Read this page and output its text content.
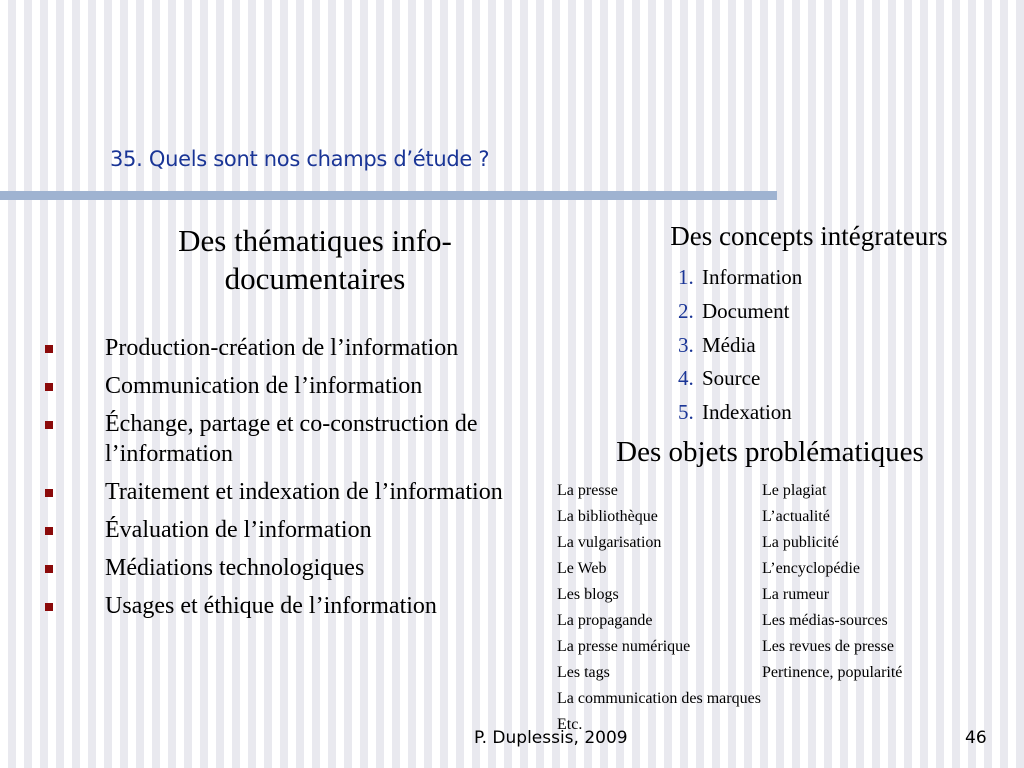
35. Quels sont nos champs d’étude ?
Des thématiques info-
documentaires
Production-création de l’information
Communication de l’information
Échange, partage et co-construction de l’information
Traitement et indexation de l’information
Évaluation de l’information
Médiations technologiques
Usages et éthique de l’information
Des concepts intégrateurs
1. Information
2. Document
3. Média
4. Source
5. Indexation
Des objets problématiques
La presse	Le plagiat
La bibliothèque	L’actualité
La vulgarisation	La publicité
Le Web	L’encyclopédie
Les blogs	La rumeur
La propagande	Les médias-sources
La presse numérique	Les revues de presse
Les tags	Pertinence, popularité
La communication des marques
Etc.
P. Duplessis, 2009	46
